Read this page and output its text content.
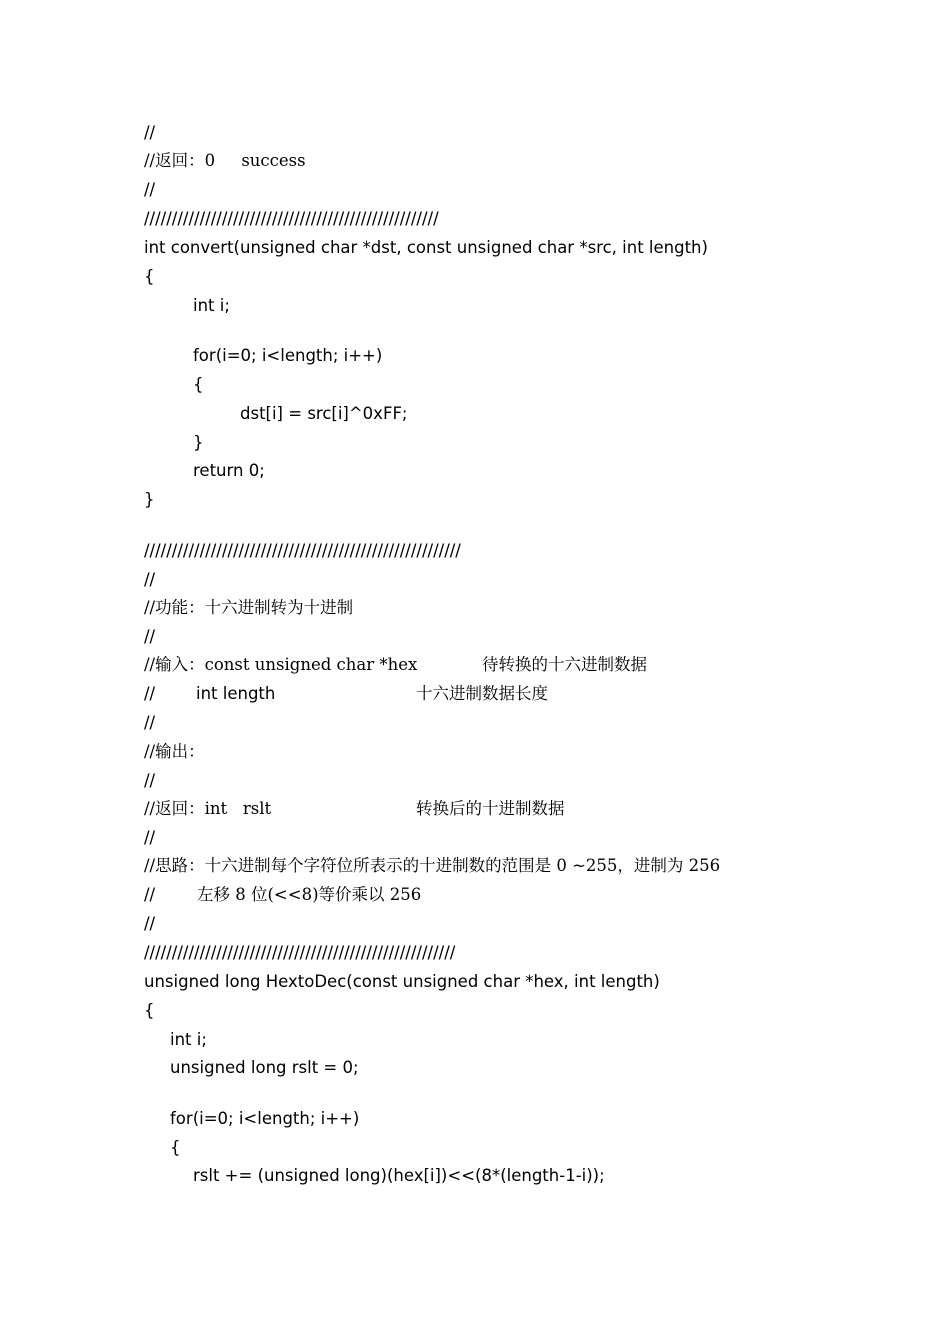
//
//返回：0     success
//
/////////////////////////////////////////////////////
int convert(unsigned char *dst, const unsigned char *src, int length)
{
int i;
for(i=0; i<length; i++)
{
dst[i] = src[i]^0xFF;
}
return 0;
}
/////////////////////////////////////////////////////////
//
//功能：十六进制转为十进制
//
//输入：const unsigned char *hex	待转换的十六进制数据
// int length	十六进制数据长度
//
//输出：
//
//返回：int   rslt	转换后的十进制数据
//
//思路：十六进制每个字符位所表示的十进制数的范围是 0 ~255，进制为 256
//	左移 8 位(<<8)等价乘以 256
//
////////////////////////////////////////////////////////
unsigned long HextoDec(const unsigned char *hex, int length)
{
int i;
unsigned long rslt = 0;
for(i=0; i<length; i++)
{
rslt += (unsigned long)(hex[i])<<(8*(length-1-i));
